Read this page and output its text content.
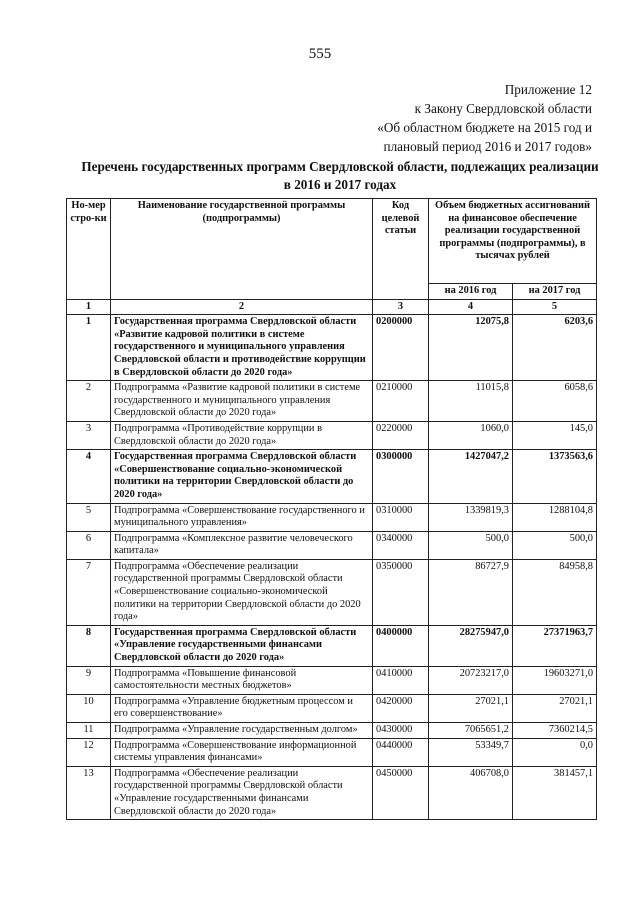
555
Приложение 12
к Закону Свердловской области
«Об областном бюджете на 2015 год и
плановый период 2016 и 2017 годов»
Перечень государственных программ Свердловской области, подлежащих реализации
в 2016 и 2017 годах
Но-мер стро-ки	Наименование государственной программы (подпрограммы)	Код целевой статьи	Объем бюджетных ассигнований на финансовое обеспечение реализации государственной программы (подпрограммы), в тысячах рублей	
			на 2016 год	на 2017 год
1	2	3	4	5
1	Государственная программа Свердловской области «Развитие кадровой политики в системе государственного и муниципального управления Свердловской области и противодействие коррупции в Свердловской области до 2020 года»	0200000	12075,8	6203,6
2	Подпрограмма «Развитие кадровой политики в системе государственного и муниципального управления Свердловской области до 2020 года»	0210000	11015,8	6058,6
3	Подпрограмма «Противодействие коррупции в Свердловской области до 2020 года»	0220000	1060,0	145,0
4	Государственная программа Свердловской области «Совершенствование социально-экономической политики на территории Свердловской области до 2020 года»	0300000	1427047,2	1373563,6
5	Подпрограмма «Совершенствование государственного и муниципального управления»	0310000	1339819,3	1288104,8
6	Подпрограмма «Комплексное развитие человеческого капитала»	0340000	500,0	500,0
7	Подпрограмма «Обеспечение реализации государственной программы Свердловской области «Совершенствование социально-экономической политики на территории Свердловской области до 2020 года»	0350000	86727,9	84958,8
8	Государственная программа Свердловской области «Управление государственными финансами Свердловской области до 2020 года»	0400000	28275947,0	27371963,7
9	Подпрограмма «Повышение финансовой самостоятельности местных бюджетов»	0410000	20723217,0	19603271,0
10	Подпрограмма «Управление бюджетным процессом и его совершенствование»	0420000	27021,1	27021,1
11	Подпрограмма «Управление государственным долгом»	0430000	7065651,2	7360214,5
12	Подпрограмма «Совершенствование информационной системы управления финансами»	0440000	53349,7	0,0
13	Подпрограмма «Обеспечение реализации государственной программы Свердловской области «Управление государственными финансами Свердловской области до 2020 года»	0450000	406708,0	381457,1
